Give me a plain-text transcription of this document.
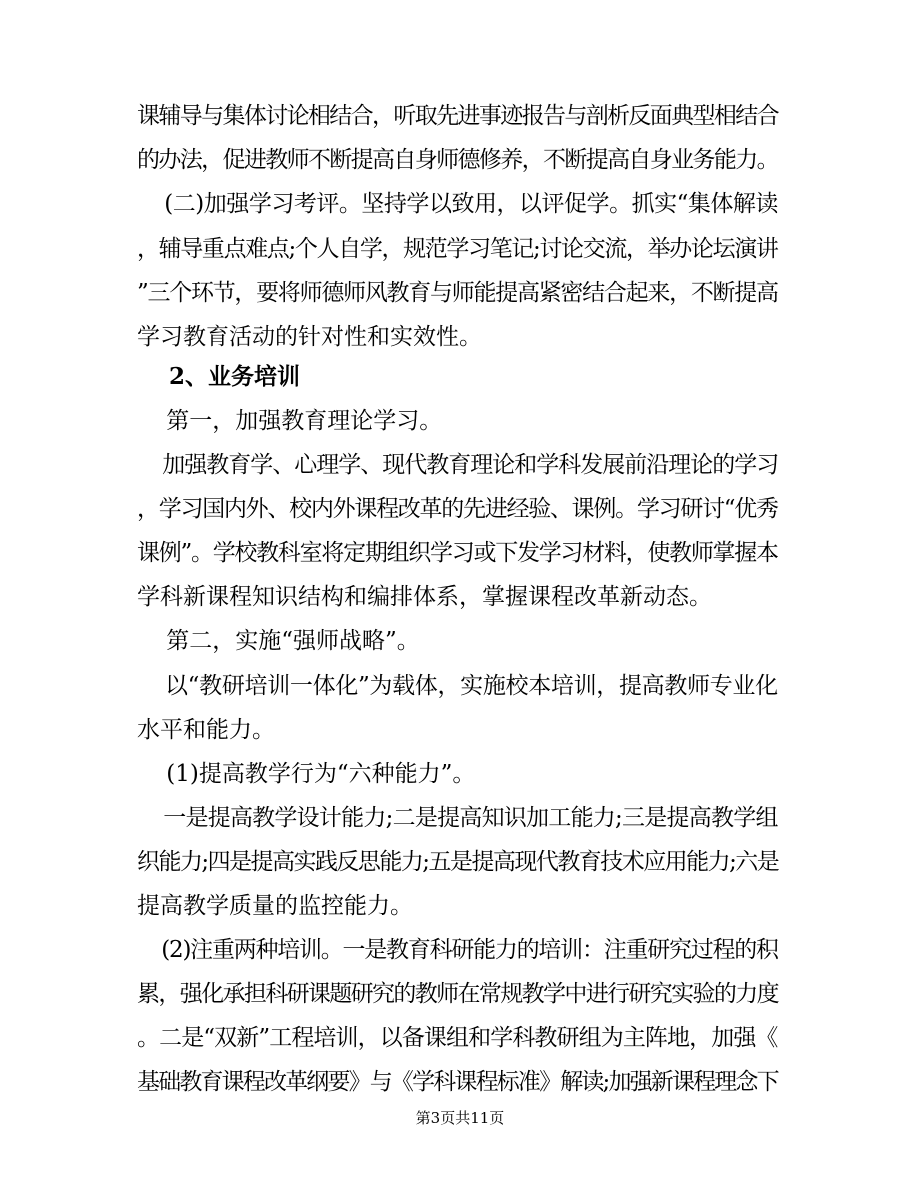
课辅导与集体讨论相结合，听取先进事迹报告与剖析反面典型相结合

的办法，促进教师不断提高自身师德修养，不断提高自身业务能力。

(二)加强学习考评。坚持学以致用，以评促学。抓实“集体解读

，辅导重点难点;个人自学，规范学习笔记;讨论交流，举办论坛演讲

”三个环节，要将师德师风教育与师能提高紧密结合起来，不断提高

学习教育活动的针对性和实效性。

2、业务培训

第一，加强教育理论学习。

加强教育学、心理学、现代教育理论和学科发展前沿理论的学习

，学习国内外、校内外课程改革的先进经验、课例。学习研讨“优秀

课例”。学校教科室将定期组织学习或下发学习材料，使教师掌握本

学科新课程知识结构和编排体系，掌握课程改革新动态。

第二，实施“强师战略”。

以“教研培训一体化”为载体，实施校本培训，提高教师专业化

水平和能力。

(1)提高教学行为“六种能力”。

一是提高教学设计能力;二是提高知识加工能力;三是提高教学组

织能力;四是提高实践反思能力;五是提高现代教育技术应用能力;六是

提高教学质量的监控能力。

(2)注重两种培训。一是教育科研能力的培训：注重研究过程的积

累，强化承担科研课题研究的教师在常规教学中进行研究实验的力度

。二是“双新”工程培训，以备课组和学科教研组为主阵地，加强《

基础教育课程改革纲要》与《学科课程标准》解读;加强新课程理念下

第3页共11页
